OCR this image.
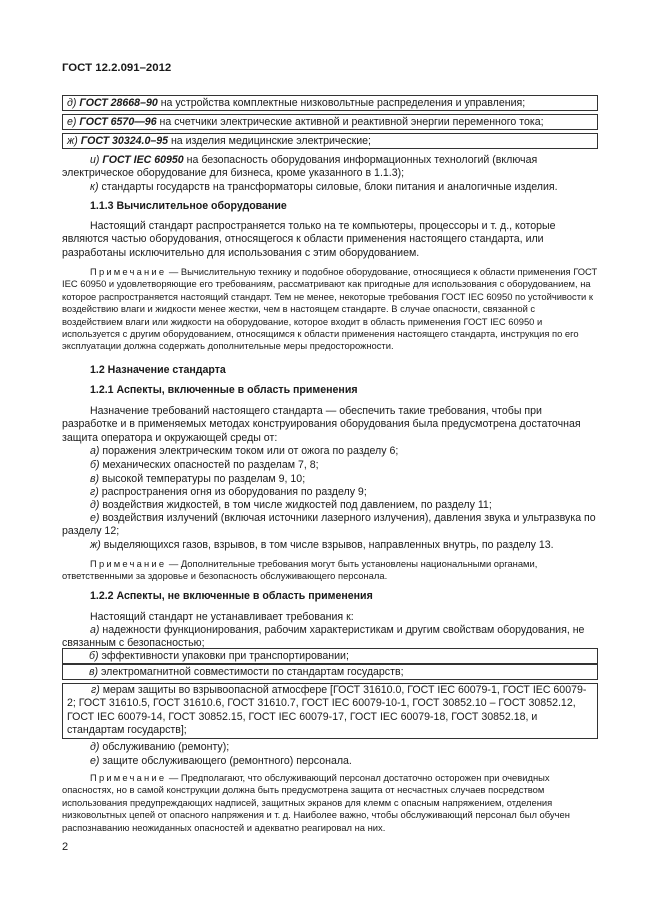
ГОСТ 12.2.091–2012
д) ГОСТ 28668–90 на устройства комплектные низковольтные распределения и управления;
е) ГОСТ 6570—96 на счетчики электрические активной и реактивной энергии переменного тока;
ж) ГОСТ 30324.0–95 на изделия медицинские электрические;
и) ГОСТ IEC 60950 на безопасность оборудования информационных технологий (включая электрическое оборудование для бизнеса, кроме указанного в 1.1.3);
к) стандарты государств на трансформаторы силовые, блоки питания и аналогичные изделия.
1.1.3 Вычислительное оборудование
Настоящий стандарт распространяется только на те компьютеры, процессоры и т. д., которые являются частью оборудования, относящегося к области применения настоящего стандарта, или разработаны исключительно для использования с этим оборудованием.
Примечание — Вычислительную технику и подобное оборудование, относящиеся к области применения ГОСТ IEC 60950 и удовлетворяющие его требованиям, рассматривают как пригодные для использования с оборудованием, на которое распространяется настоящий стандарт. Тем не менее, некоторые требования ГОСТ IEC 60950 по устойчивости к воздействию влаги и жидкости менее жестки, чем в настоящем стандарте. В случае опасности, связанной с воздействием влаги или жидкости на оборудование, которое входит в область применения ГОСТ IEC 60950 и используется с другим оборудованием, относящимся к области применения настоящего стандарта, инструкция по его эксплуатации должна содержать дополнительные меры предосторожности.
1.2 Назначение стандарта
1.2.1 Аспекты, включенные в область применения
Назначение требований настоящего стандарта — обеспечить такие требования, чтобы при разработке и в применяемых методах конструирования оборудования была предусмотрена достаточная защита оператора и окружающей среды от:
а) поражения электрическим током или от ожога по разделу 6;
б) механических опасностей по разделам 7, 8;
в) высокой температуры по разделам 9, 10;
г) распространения огня из оборудования по разделу 9;
д) воздействия жидкостей, в том числе жидкостей под давлением, по разделу 11;
е) воздействия излучений (включая источники лазерного излучения), давления звука и ультразвука по разделу 12;
ж) выделяющихся газов, взрывов, в том числе взрывов, направленных внутрь, по разделу 13.
Примечание — Дополнительные требования могут быть установлены национальными органами, ответственными за здоровье и безопасность обслуживающего персонала.
1.2.2 Аспекты, не включенные в область применения
Настоящий стандарт не устанавливает требования к:
а) надежности функционирования, рабочим характеристикам и другим свойствам оборудования, не связанным с безопасностью;
б) эффективности упаковки при транспортировании;
в) электромагнитной совместимости по стандартам государств;
г) мерам защиты во взрывоопасной атмосфере [ГОСТ 31610.0, ГОСТ IEC 60079-1, ГОСТ IEC 60079-2; ГОСТ 31610.5, ГОСТ 31610.6, ГОСТ 31610.7, ГОСТ IEC 60079-10-1, ГОСТ 30852.10 – ГОСТ 30852.12, ГОСТ IEC 60079-14, ГОСТ 30852.15, ГОСТ IEC 60079-17, ГОСТ IEC 60079-18, ГОСТ 30852.18, и стандартам государств];
д) обслуживанию (ремонту);
е) защите обслуживающего (ремонтного) персонала.
Примечание — Предполагают, что обслуживающий персонал достаточно осторожен при очевидных опасностях, но в самой конструкции должна быть предусмотрена защита от несчастных случаев посредством использования предупреждающих надписей, защитных экранов для клемм с опасным напряжением, отделения низковольтных цепей от опасного напряжения и т. д. Наиболее важно, чтобы обслуживающий персонал был обучен распознаванию неожиданных опасностей и адекватно реагировал на них.
2
